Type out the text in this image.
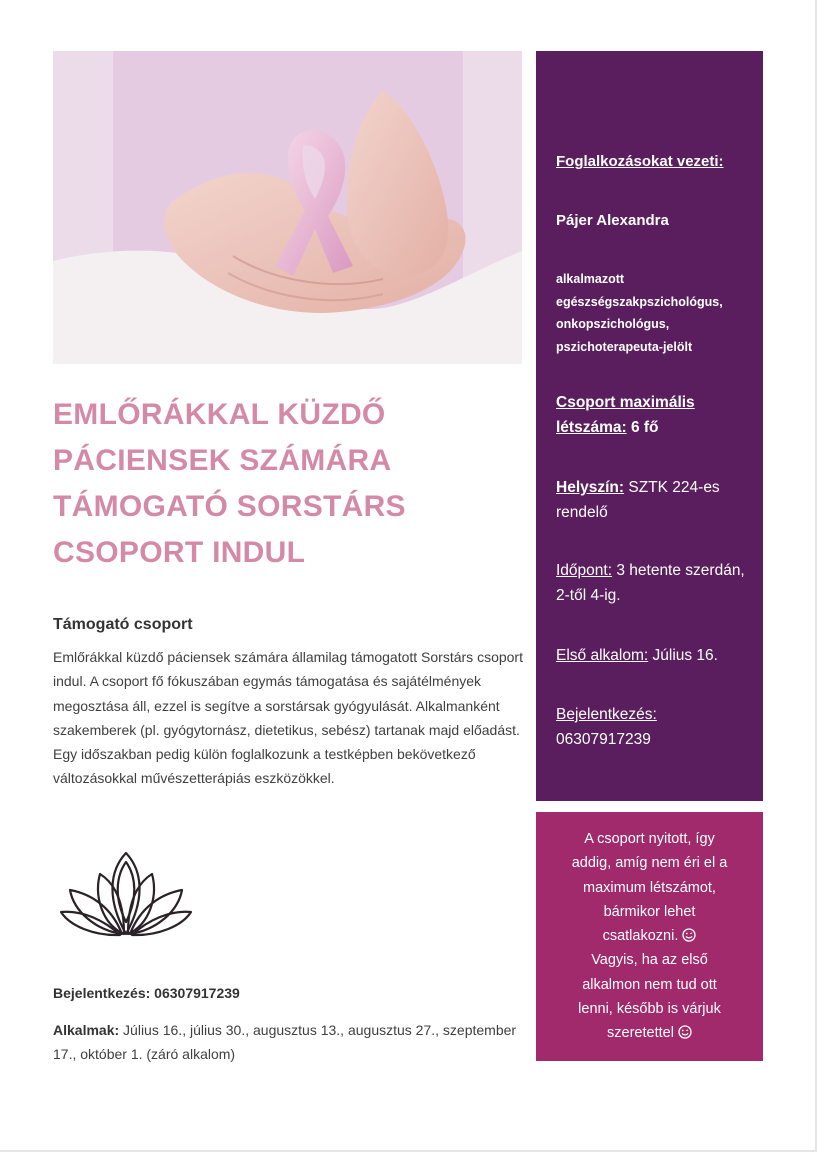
EMLŐRÁKKAL KÜZDŐ
PÁCIENSEK SZÁMÁRA
TÁMOGATÓ SORSTÁRS
CSOPORT INDUL
Támogató csoport
Emlőrákkal küzdő páciensek számára államilag támogatott Sorstárs csoport indul. A csoport fő fókuszában egymás támogatása és sajátélmények megosztása áll, ezzel is segítve a sorstársak gyógyulását. Alkalmanként szakemberek (pl. gyógytornász, dietetikus, sebész) tartanak majd előadást. Egy időszakban pedig külön foglalkozunk a testképben bekövetkező változásokkal művészetterápiás eszközökkel.
Bejelentkezés: 06307917239
Alkalmak: Július 16., július 30., augusztus 13., augusztus 27., szeptember 17., október 1. (záró alkalom)
Foglalkozásokat vezeti:
Pájer Alexandra
alkalmazott
egészségszakpszichológus,
onkopszichológus,
pszichoterapeuta-jelölt
Csoport maximális
létszáma: 6 fő
Helyszín: SZTK 224-es rendelő
Időpont: 3 hetente szerdán, 2-től 4-ig.
Első alkalom: Július 16.
Bejelentkezés:
06307917239
A csoport nyitott, így
addig, amíg nem éri el a
maximum létszámot,
bármikor lehet
csatlakozni.
Vagyis, ha az első
alkalmon nem tud ott
lenni, később is várjuk
szeretettel
